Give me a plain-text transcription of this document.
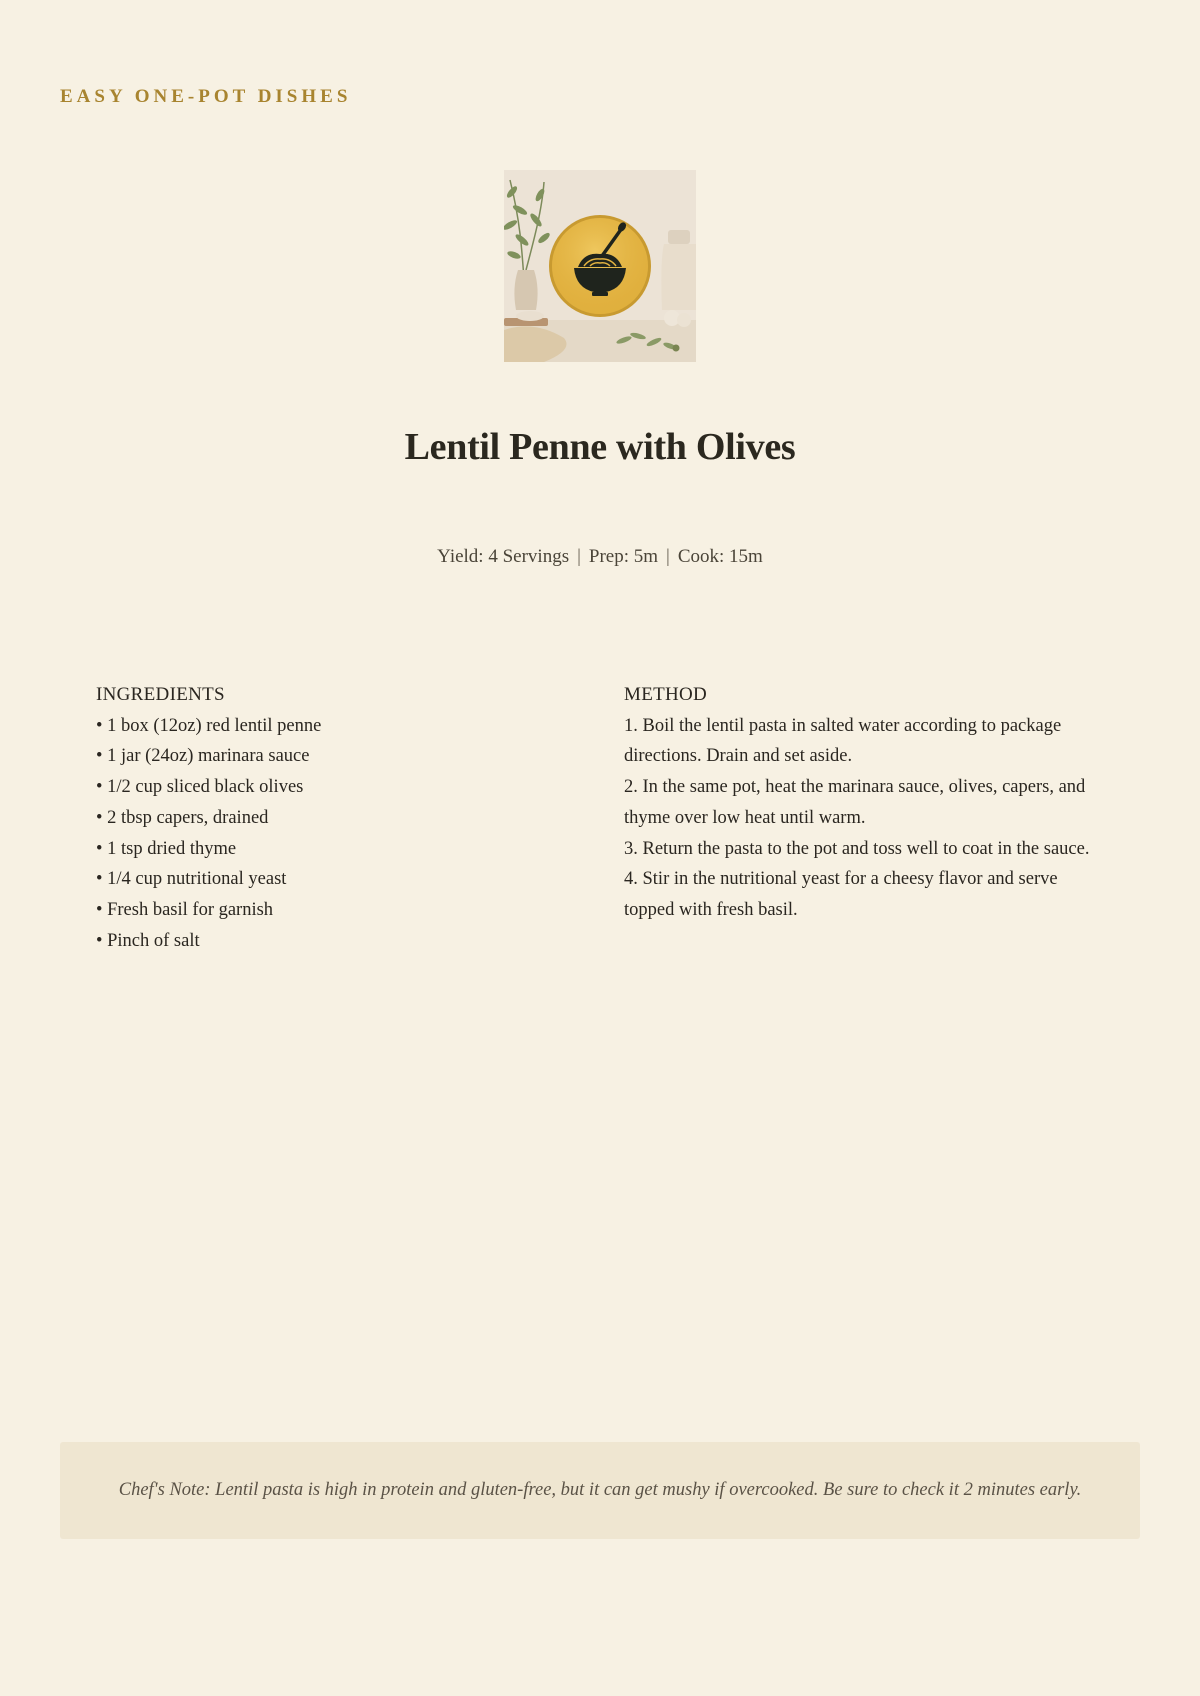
EASY ONE-POT DISHES
Lentil Penne with Olives
Yield: 4 Servings | Prep: 5m | Cook: 15m
INGREDIENTS
• 1 box (12oz) red lentil penne
• 1 jar (24oz) marinara sauce
• 1/2 cup sliced black olives
• 2 tbsp capers, drained
• 1 tsp dried thyme
• 1/4 cup nutritional yeast
• Fresh basil for garnish
• Pinch of salt
METHOD
1. Boil the lentil pasta in salted water according to package directions. Drain and set aside.
2. In the same pot, heat the marinara sauce, olives, capers, and thyme over low heat until warm.
3. Return the pasta to the pot and toss well to coat in the sauce.
4. Stir in the nutritional yeast for a cheesy flavor and serve topped with fresh basil.

Chef's Note: Lentil pasta is high in protein and gluten-free, but it can get mushy if overcooked. Be sure to check it 2 minutes early.
